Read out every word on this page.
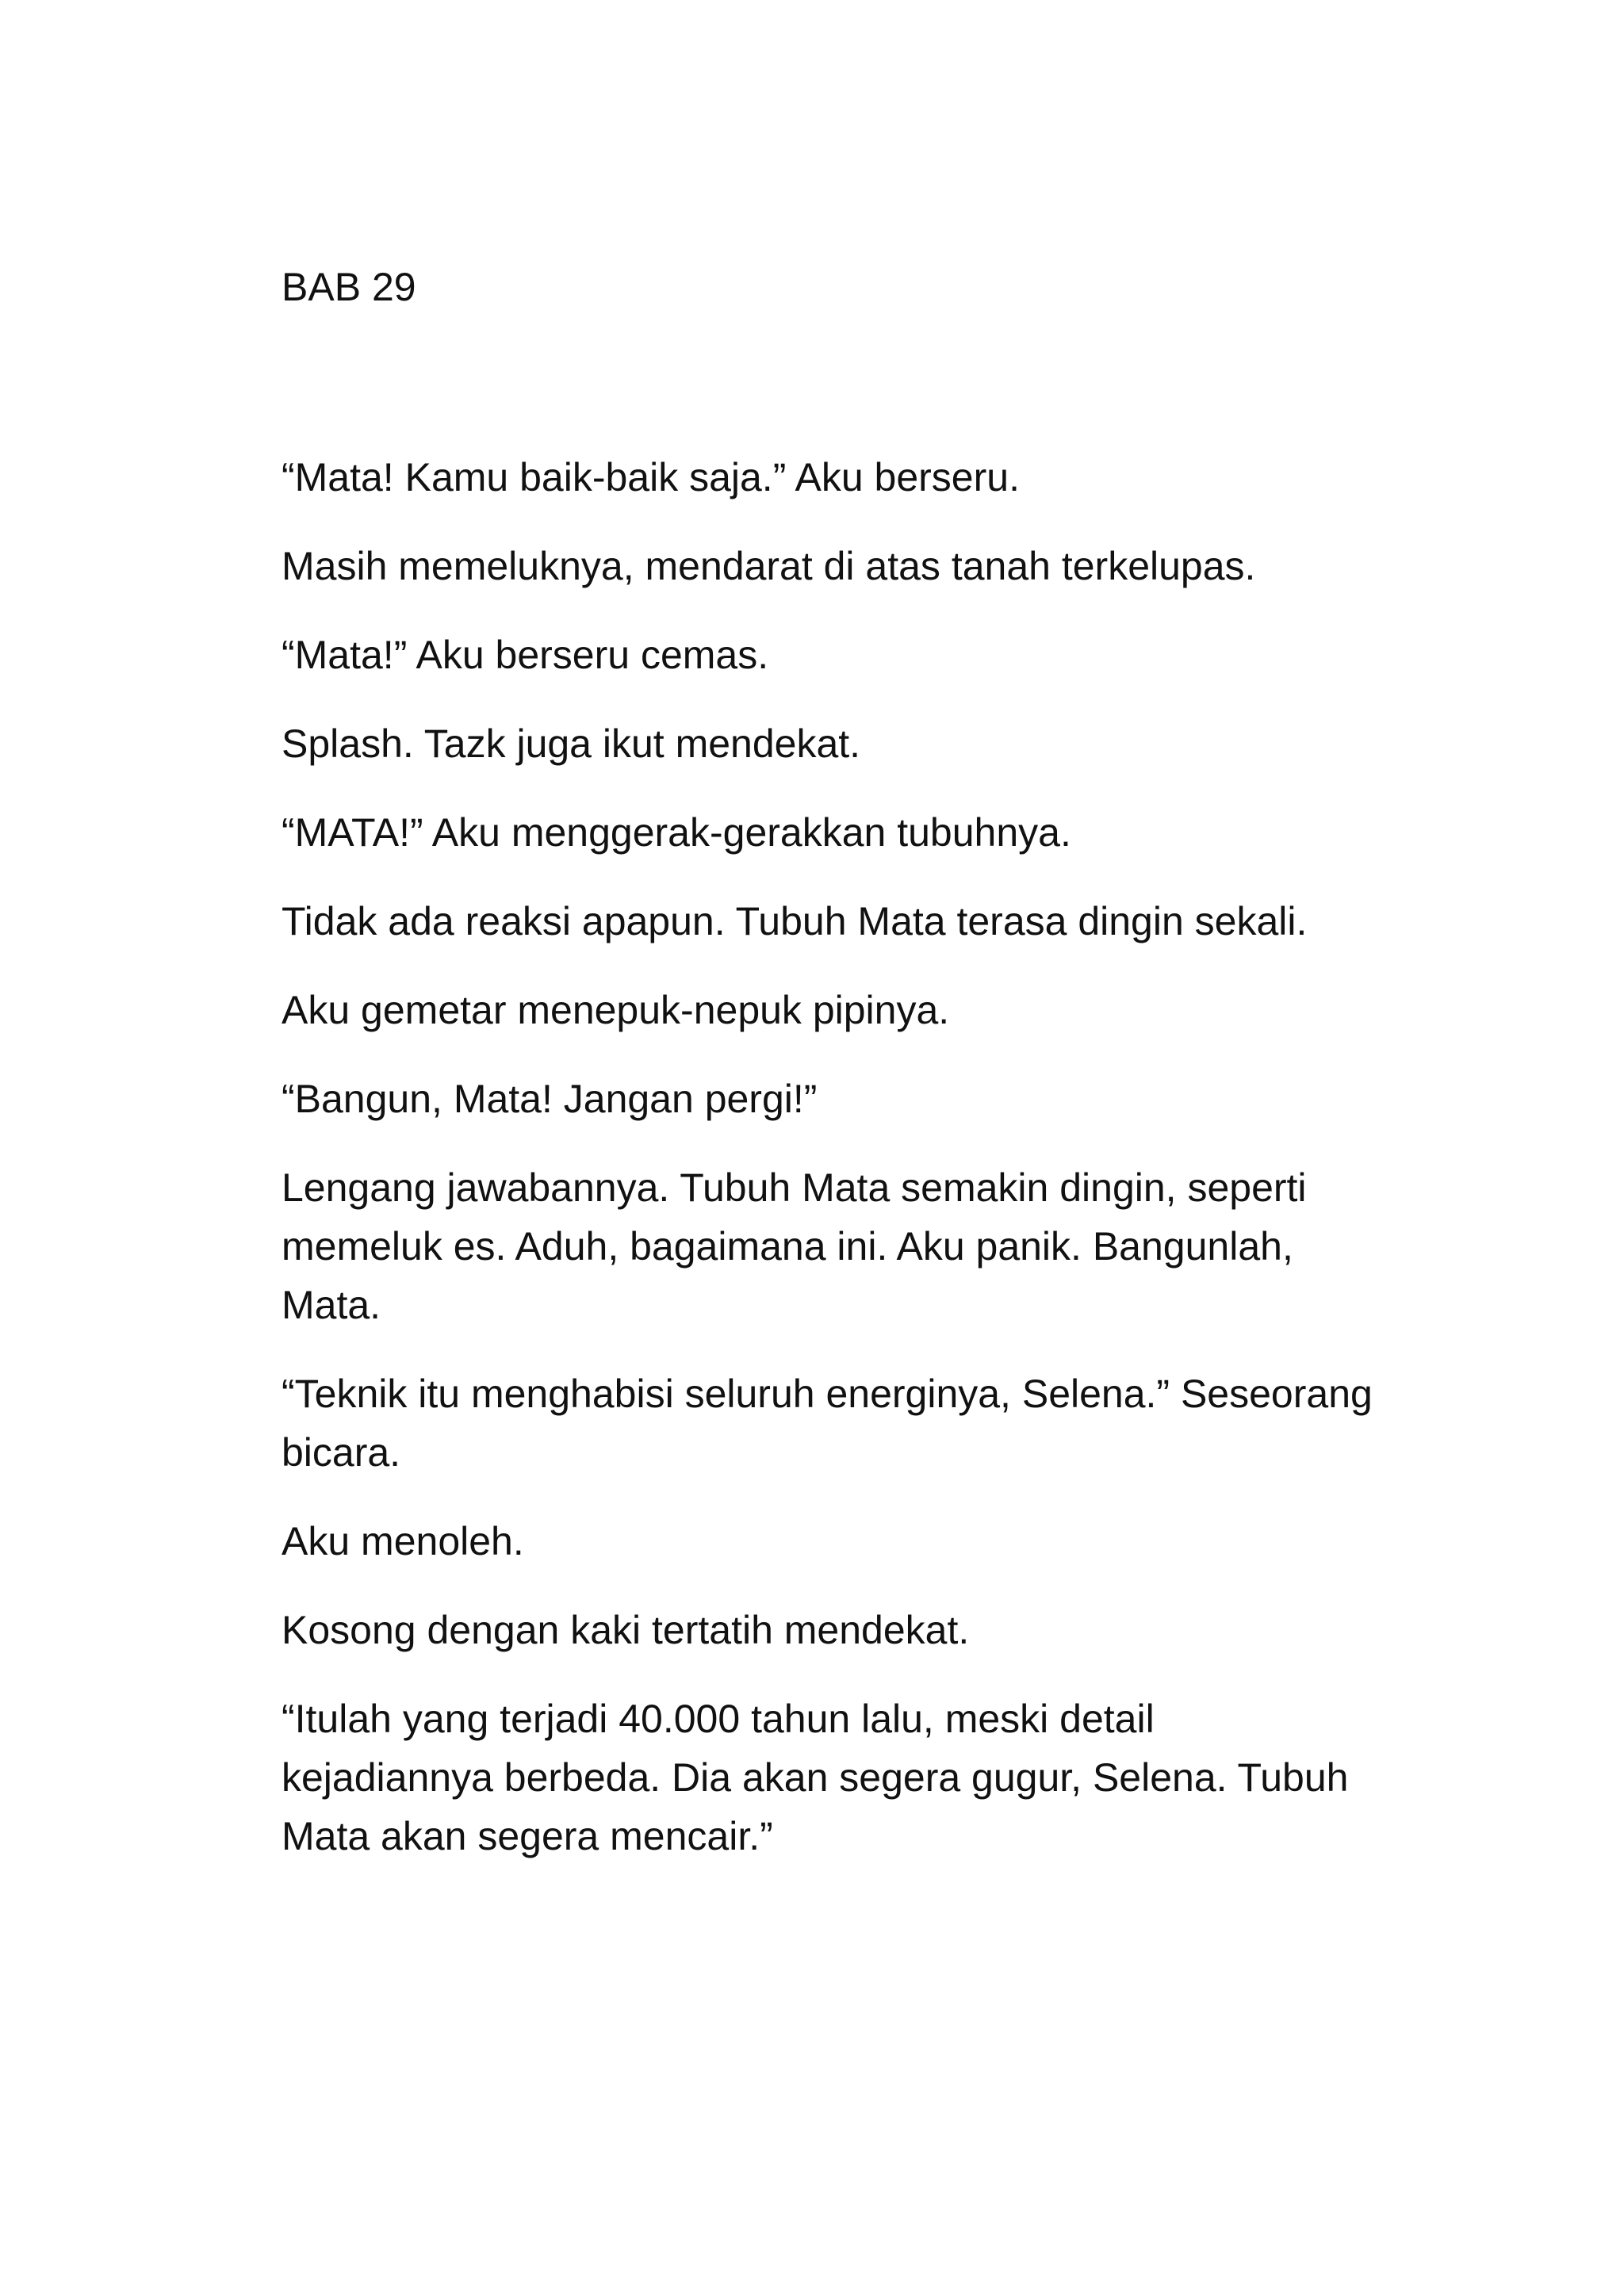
BAB 29

“Mata! Kamu baik-baik saja.” Aku berseru.

Masih memeluknya, mendarat di atas tanah terkelupas.

“Mata!” Aku berseru cemas.

Splash. Tazk juga ikut mendekat.

“MATA!” Aku menggerak-gerakkan tubuhnya.

Tidak ada reaksi apapun. Tubuh Mata terasa dingin sekali.

Aku gemetar menepuk-nepuk pipinya.

“Bangun, Mata! Jangan pergi!”

Lengang jawabannya. Tubuh Mata semakin dingin, seperti memeluk es. Aduh, bagaimana ini. Aku panik. Bangunlah, Mata.

“Teknik itu menghabisi seluruh energinya, Selena.” Seseorang bicara.

Aku menoleh.

Kosong dengan kaki tertatih mendekat.

“Itulah yang terjadi 40.000 tahun lalu, meski detail kejadiannya berbeda. Dia akan segera gugur, Selena. Tubuh Mata akan segera mencair.”
